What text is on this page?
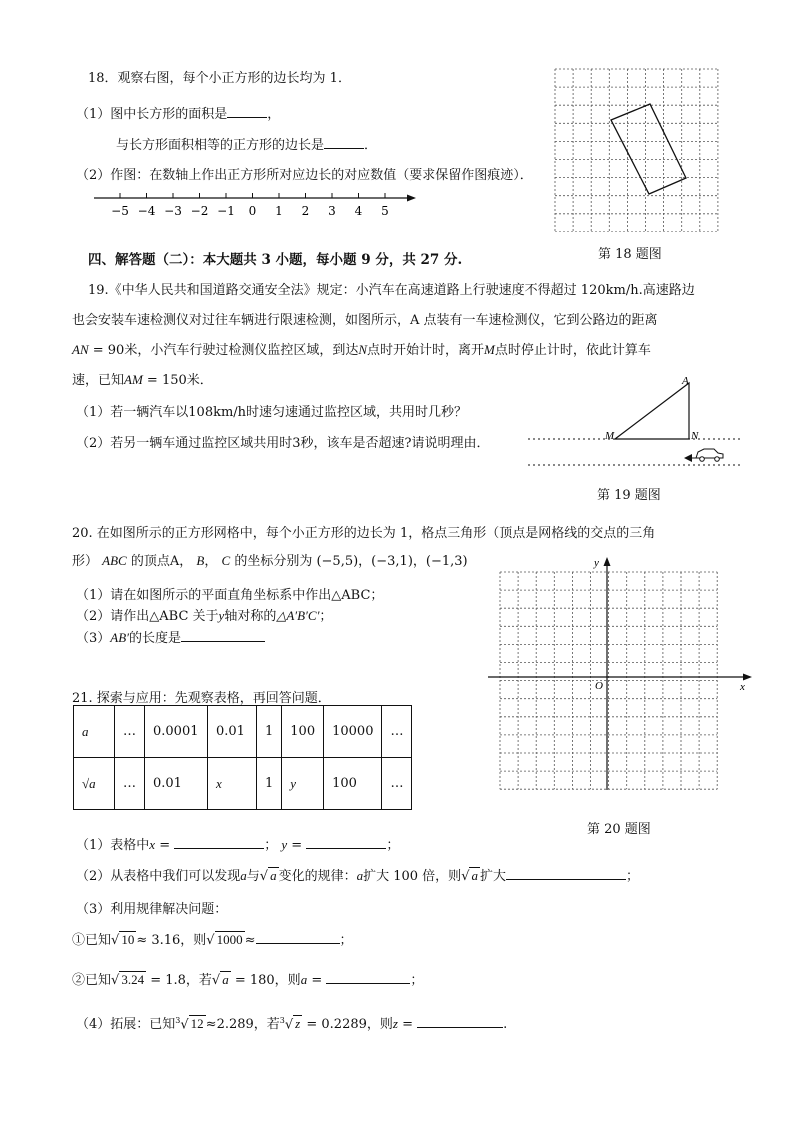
18．观察右图，每个小正方形的边长均为 1．
（1）图中长方形的面积是	，
与长方形面积相等的正方形的边长是	．
（2）作图：在数轴上作出正方形所对应边长的对应数值（要求保留作图痕迹）．
−5 −4 −3 −2 −1 0 1 2 3 4 5
第 18 题图
四、解答题（二）：本大题共 3 小题，每小题 9 分，共 27 分.
19.《中华人民共和国道路交通安全法》规定：小汽车在高速道路上行驶速度不得超过 120km/h.高速路边
也会安装车速检测仪对过往车辆进行限速检测，如图所示，A 点装有一车速检测仪，它到公路边的距离
AN = 90米，小汽车行驶过检测仪监控区域，到达N点时开始计时，离开M点时停止计时，依此计算车
速，已知AM = 150米．
（1）若一辆汽车以108km/h时速匀速通过监控区域，共用时几秒？
（2）若另一辆车通过监控区域共用时3秒，该车是否超速?请说明理由．
A
M	N
第 19 题图
20. 在如图所示的正方形网格中，每个小正方形的边长为 1，格点三角形（顶点是网格线的交点的三角
形） ABC 的顶点A， B， C 的坐标分别为 (−5,5)，(−3,1)，(−1,3)
（1）请在如图所示的平面直角坐标系中作出△ABC；
（2）请作出△ABC 关于y轴对称的△A′B′C′；
（3）AB′的长度是
x
y
O
第 20 题图
21. 探索与应用：先观察表格，再回答问题．
a	…	0.0001	0.01	1	100	10000	…
√a	…	0.01	x	1	y	100	…
（1）表格中x =	； y =	；
（2）从表格中我们可以发现a与√ a 变化的规律：a扩大 100 倍，则√ a 扩大	；
（3）利用规律解决问题：
①已知√ 10 ≈ 3.16，则√ 1000 ≈	；
②已知√ 3.24 = 1.8，若√ a = 180，则a =	；
（4）拓展：已知$^3$√ 12 ≈2.289，若$^3$√ z = 0.2289，则z =	.
